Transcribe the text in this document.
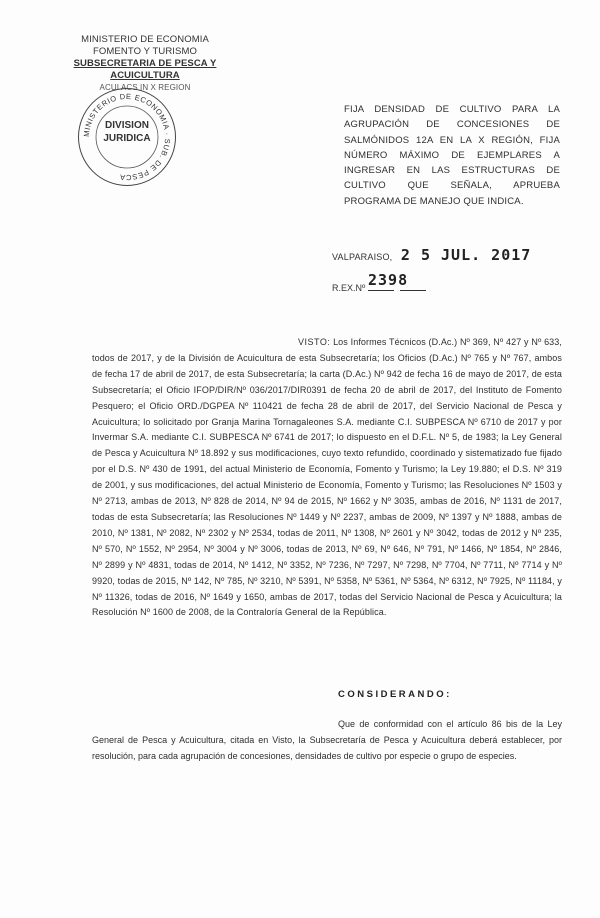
MINISTERIO DE ECONOMIA
FOMENTO Y TURISMO
SUBSECRETARIA DE PESCA Y ACUICULTURA
ACUI ACS IN X REGION
MINISTERIO DE ECONOMIA · SUB. DE PESCA
DIVISION
JURIDICA
FIJA DENSIDAD DE CULTIVO PARA LA AGRUPACIÓN DE CONCESIONES DE SALMÓNIDOS 12A EN LA X REGIÓN, FIJA NÚMERO MÁXIMO DE EJEMPLARES A INGRESAR EN LAS ESTRUCTURAS DE CULTIVO QUE SEÑALA, APRUEBA PROGRAMA DE MANEJO QUE INDICA.
VALPARAISO, 2 5 JUL. 2017
R.EX.Nº 2398
VISTO: Los Informes Técnicos (D.Ac.) Nº 369, Nº 427 y Nº 633, todos de 2017, y de la División de Acuicultura de esta Subsecretaría; los Oficios (D.Ac.) Nº 765 y Nº 767, ambos de fecha 17 de abril de 2017, de esta Subsecretaría; la carta (D.Ac.) Nº 942 de fecha 16 de mayo de 2017, de esta Subsecretaría; el Oficio IFOP/DIR/Nº 036/2017/DIR0391 de fecha 20 de abril de 2017, del Instituto de Fomento Pesquero; el Oficio ORD./DGPEA Nº 110421 de fecha 28 de abril de 2017, del Servicio Nacional de Pesca y Acuicultura; lo solicitado por Granja Marina Tornagaleones S.A. mediante C.I. SUBPESCA Nº 6710 de 2017 y por Invermar S.A. mediante C.I. SUBPESCA Nº 6741 de 2017; lo dispuesto en el D.F.L. Nº 5, de 1983; la Ley General de Pesca y Acuicultura Nº 18.892 y sus modificaciones, cuyo texto refundido, coordinado y sistematizado fue fijado por el D.S. Nº 430 de 1991, del actual Ministerio de Economía, Fomento y Turismo; la Ley 19.880; el D.S. Nº 319 de 2001, y sus modificaciones, del actual Ministerio de Economía, Fomento y Turismo; las Resoluciones Nº 1503 y Nº 2713, ambas de 2013, Nº 828 de 2014, Nº 94 de 2015, Nº 1662 y Nº 3035, ambas de 2016, Nº 1131 de 2017, todas de esta Subsecretaría; las Resoluciones Nº 1449 y Nº 2237, ambas de 2009, Nº 1397 y Nº 1888, ambas de 2010, Nº 1381, Nº 2082, Nº 2302 y Nº 2534, todas de 2011, Nº 1308, Nº 2601 y Nº 3042, todas de 2012 y Nº 235, Nº 570, Nº 1552, Nº 2954, Nº 3004 y Nº 3006, todas de 2013, Nº 69, Nº 646, Nº 791, Nº 1466, Nº 1854, Nº 2846, Nº 2899 y Nº 4831, todas de 2014, Nº 1412, Nº 3352, Nº 7236, Nº 7297, Nº 7298, Nº 7704, Nº 7711, Nº 7714 y Nº 9920, todas de 2015, Nº 142, Nº 785, Nº 3210, Nº 5391, Nº 5358, Nº 5361, Nº 5364, Nº 6312, Nº 7925, Nº 11184, y Nº 11326, todas de 2016, Nº 1649 y 1650, ambas de 2017, todas del Servicio Nacional de Pesca y Acuicultura; la Resolución Nº 1600 de 2008, de la Contraloría General de la República.
CONSIDERANDO:
Que de conformidad con el artículo 86 bis de la Ley General de Pesca y Acuicultura, citada en Visto, la Subsecretaría de Pesca y Acuicultura deberá establecer, por resolución, para cada agrupación de concesiones, densidades de cultivo por especie o grupo de especies.
